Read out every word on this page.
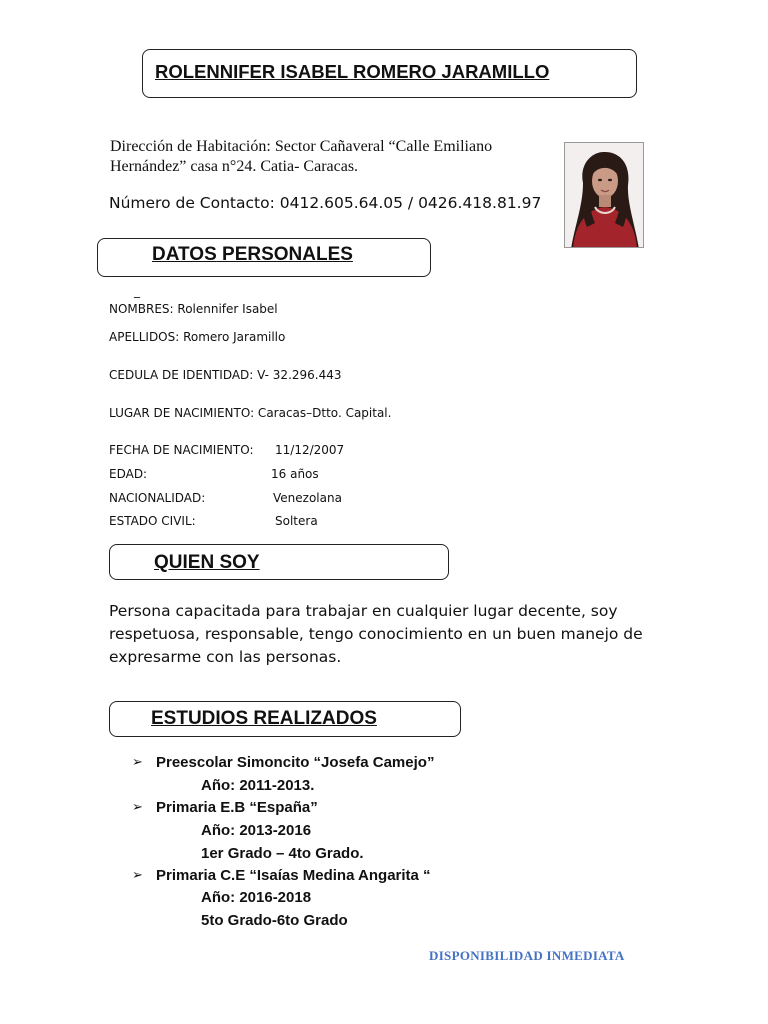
ROLENNIFER ISABEL ROMERO JARAMILLO
Dirección de Habitación: Sector Cañaveral “Calle Emiliano
Hernández” casa n°24. Catia- Caracas.
Número de Contacto: 0412.605.64.05 / 0426.418.81.97
DATOS PERSONALES
_
NOMBRES: Rolennifer Isabel
APELLIDOS: Romero Jaramillo
CEDULA DE IDENTIDAD: V- 32.296.443
LUGAR DE NACIMIENTO: Caracas–Dtto. Capital.
FECHA DE NACIMIENTO: 11/12/2007
EDAD:	16 años
NACIONALIDAD:	Venezolana
ESTADO CIVIL:	Soltera
QUIEN SOY
Persona capacitada para trabajar en cualquier lugar decente, soy
respetuosa, responsable, tengo conocimiento en un buen manejo de
expresarme con las personas.
ESTUDIOS REALIZADOS
➢ Preescolar Simoncito “Josefa Camejo”
Año: 2011-2013.
➢ Primaria E.B “España”
Año: 2013-2016
1er Grado – 4to Grado.
➢ Primaria C.E “Isaías Medina Angarita “
Año: 2016-2018
5to Grado-6to Grado
DISPONIBILIDAD INMEDIATA
